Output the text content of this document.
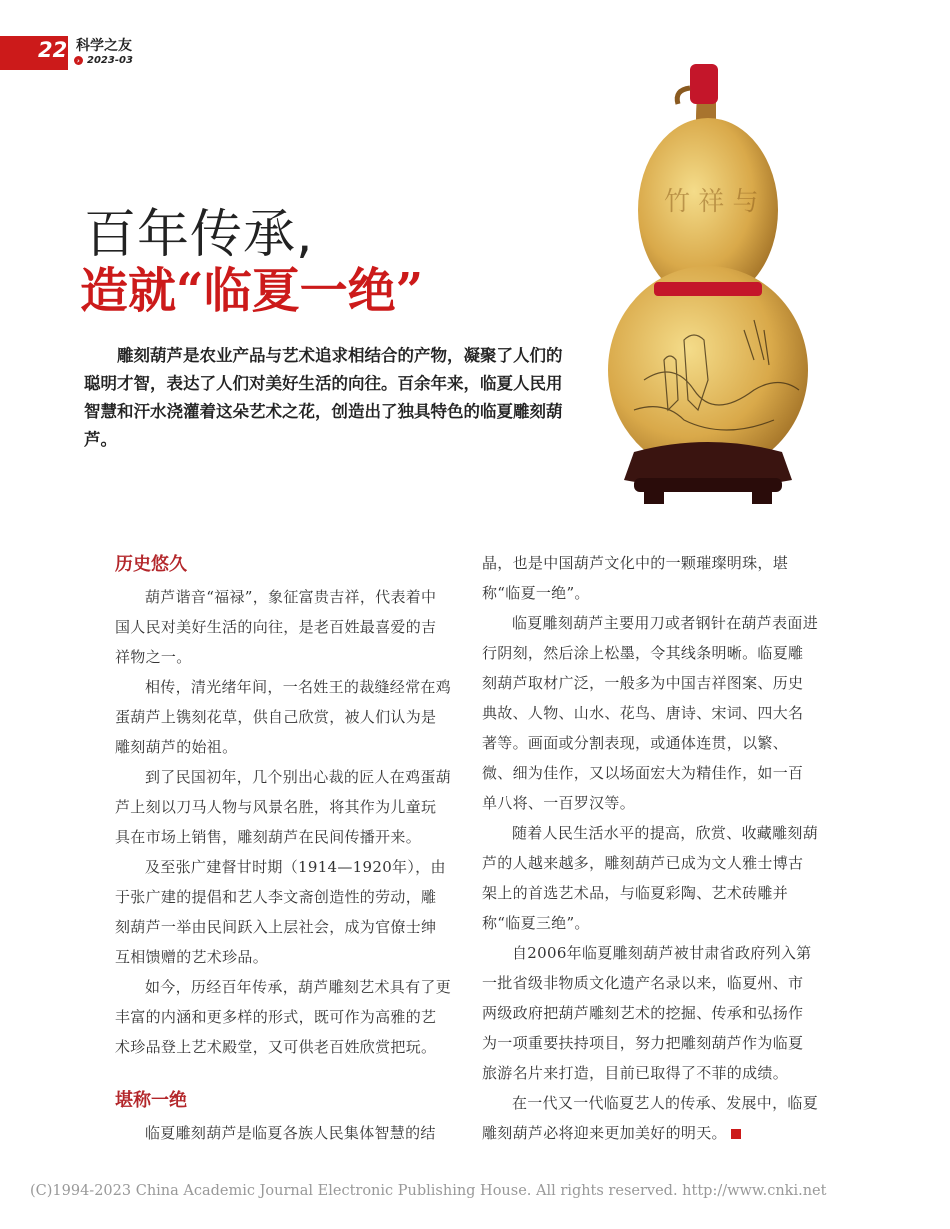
22 科学之友
› 2023-03
百年传承,
造就“临夏一绝”

雕刻葫芦是农业产品与艺术追求相结合的产物，凝聚了人们的聪明才智，表达了人们对美好生活的向往。百余年来，临夏人民用智慧和汗水浇灌着这朵艺术之花，创造出了独具特色的临夏雕刻葫芦。

竹 祥 与
历史悠久

葫芦谐音“福禄”，象征富贵吉祥，代表着中国人民对美好生活的向往，是老百姓最喜爱的吉祥物之一。

相传，清光绪年间，一名姓王的裁缝经常在鸡蛋葫芦上镌刻花草，供自己欣赏，被人们认为是雕刻葫芦的始祖。

到了民国初年，几个别出心裁的匠人在鸡蛋葫芦上刻以刀马人物与风景名胜，将其作为儿童玩具在市场上销售，雕刻葫芦在民间传播开来。

及至张广建督甘时期（1914—1920年），由于张广建的提倡和艺人李文斋创造性的劳动，雕刻葫芦一举由民间跃入上层社会，成为官僚士绅互相馈赠的艺术珍品。

如今，历经百年传承，葫芦雕刻艺术具有了更丰富的内涵和更多样的形式，既可作为高雅的艺术珍品登上艺术殿堂，又可供老百姓欣赏把玩。

堪称一绝

临夏雕刻葫芦是临夏各族人民集体智慧的结

晶，也是中国葫芦文化中的一颗璀璨明珠，堪称“临夏一绝”。

临夏雕刻葫芦主要用刀或者钢针在葫芦表面进行阴刻，然后涂上松墨，令其线条明晰。临夏雕刻葫芦取材广泛，一般多为中国吉祥图案、历史典故、人物、山水、花鸟、唐诗、宋词、四大名著等。画面或分割表现，或通体连贯，以繁、微、细为佳作，又以场面宏大为精佳作，如一百单八将、一百罗汉等。

随着人民生活水平的提高，欣赏、收藏雕刻葫芦的人越来越多，雕刻葫芦已成为文人雅士博古架上的首选艺术品，与临夏彩陶、艺术砖雕并称“临夏三绝”。

自2006年临夏雕刻葫芦被甘肃省政府列入第一批省级非物质文化遗产名录以来，临夏州、市两级政府把葫芦雕刻艺术的挖掘、传承和弘扬作为一项重要扶持项目，努力把雕刻葫芦作为临夏旅游名片来打造，目前已取得了不菲的成绩。

在一代又一代临夏艺人的传承、发展中，临夏雕刻葫芦必将迎来更加美好的明天。

(C)1994-2023 China Academic Journal Electronic Publishing House. All rights reserved. http://www.cnki.net
